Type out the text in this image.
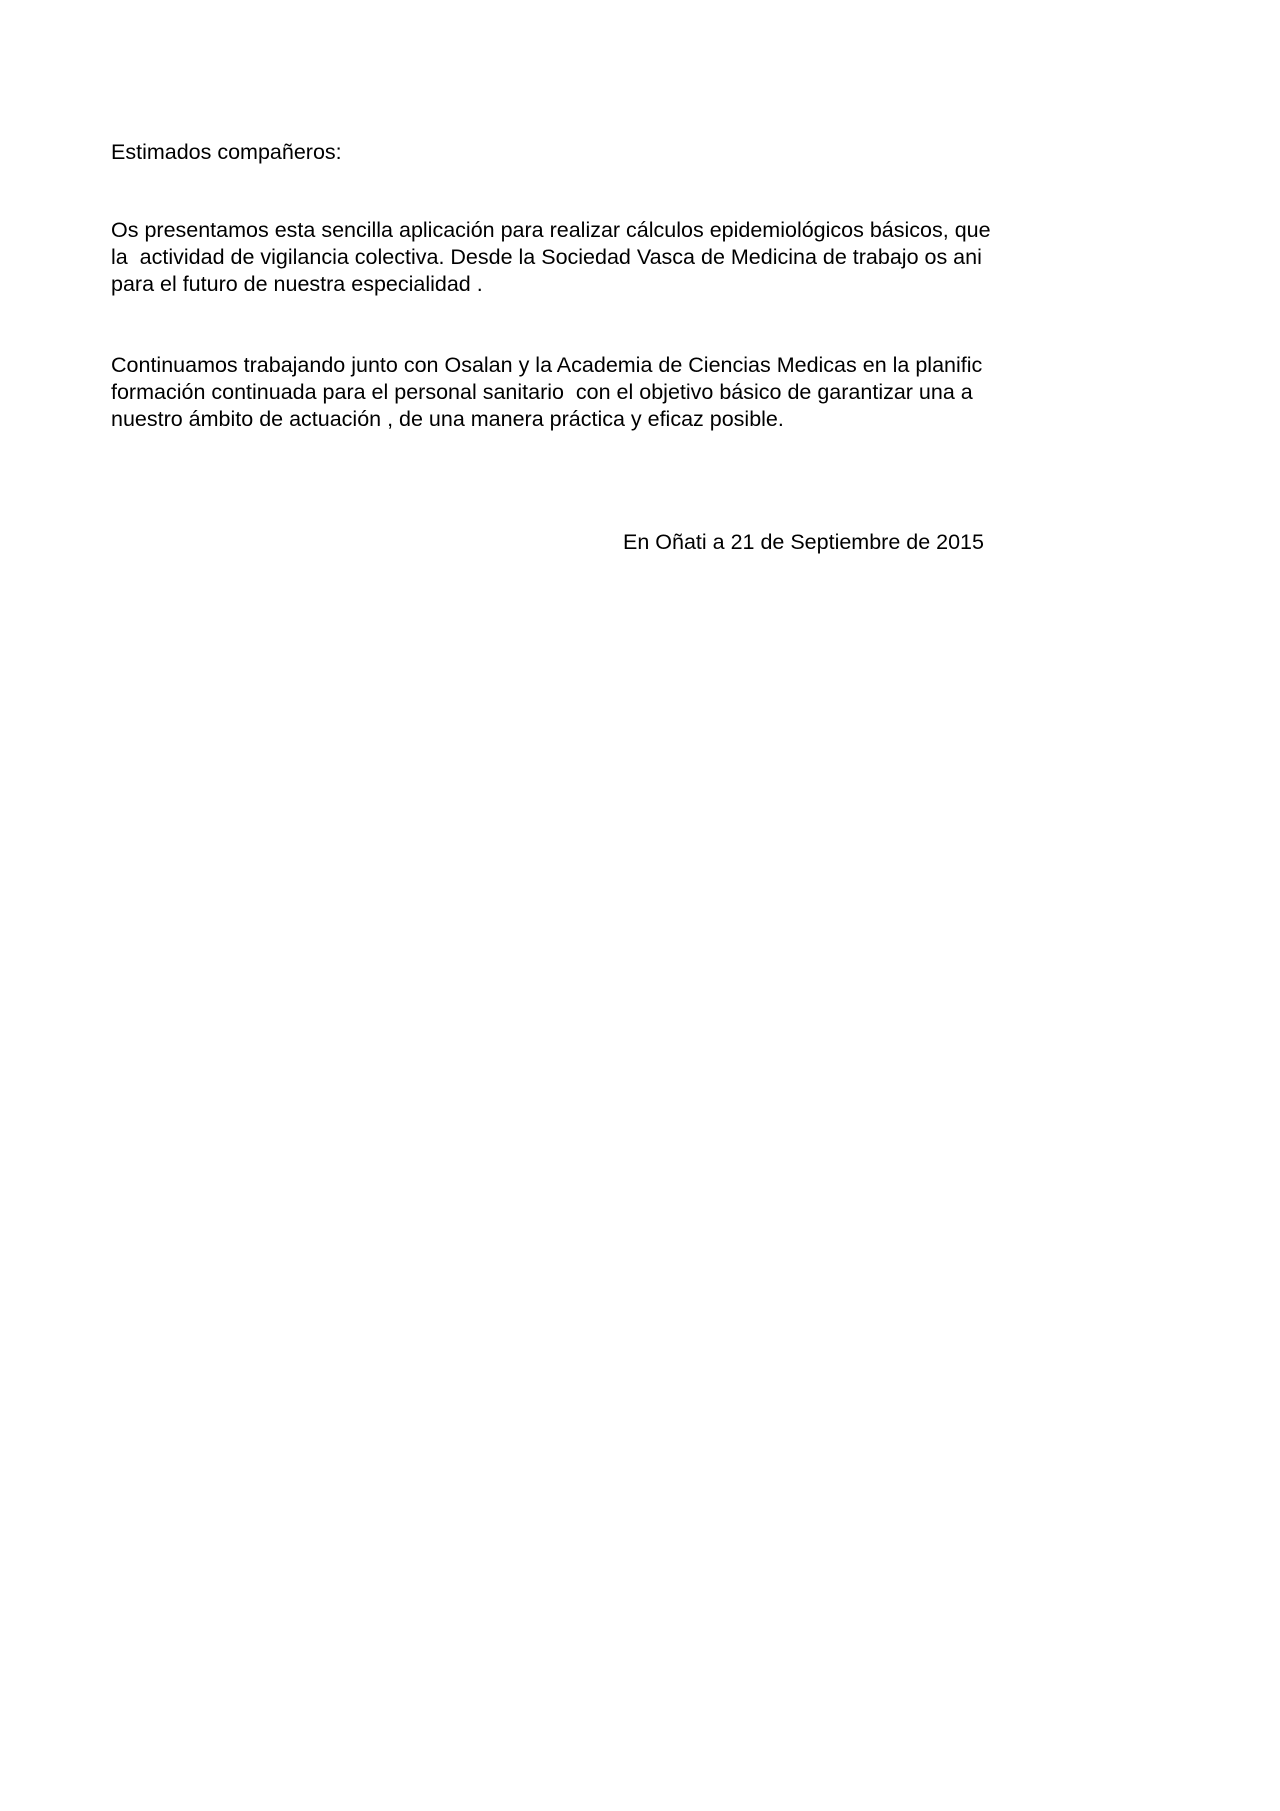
Estimados compañeros:
Os presentamos esta sencilla aplicación para realizar cálculos epidemiológicos básicos, que
la  actividad de vigilancia colectiva. Desde la Sociedad Vasca de Medicina de trabajo os ani
para el futuro de nuestra especialidad .
Continuamos trabajando junto con Osalan y la Academia de Ciencias Medicas en la planific
formación continuada para el personal sanitario  con el objetivo básico de garantizar una a
nuestro ámbito de actuación , de una manera práctica y eficaz posible.
En Oñati a 21 de Septiembre de 2015
